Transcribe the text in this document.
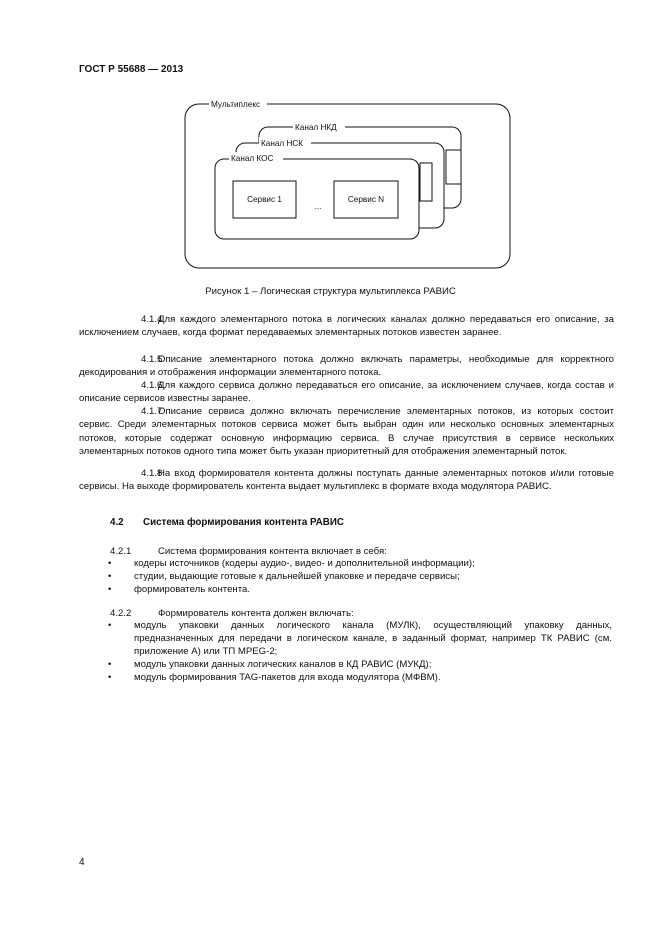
ГОСТ Р 55688 — 2013
Мультиплекс
Канал НКД
Канал НСК
Канал КОС
Сервис 1
...
Сервис N
Рисунок 1 – Логическая структура мультиплекса РАВИС
4.1.4Для каждого элементарного потока в логических каналах должно передаваться его описание, за исключением случаев, когда формат передаваемых элементарных потоков известен заранее.
4.1.5Описание элементарного потока должно включать параметры, необходимые для корректного декодирования и отображения информации элементарного потока.
4.1.6Для каждого сервиса должно передаваться его описание, за исключением случаев, когда состав и описание сервисов известны заранее.
4.1.7Описание сервиса должно включать перечисление элементарных потоков, из которых состоит сервис. Среди элементарных потоков сервиса может быть выбран один или несколько основных элементарных потоков, которые содержат основную информацию сервиса. В случае присутствия в сервисе нескольких элементарных потоков одного типа может быть указан приоритетный для отображения элементарный поток.
4.1.8На вход формирователя контента должны поступать данные элементарных потоков и/или готовые сервисы. На выходе формирователь контента выдает мультиплекс в формате входа модулятора РАВИС.
4.2 Система формирования контента РАВИС
4.2.1	Система формирования контента включает в себя:
• кодеры источников (кодеры аудио-, видео- и дополнительной информации);
• студии, выдающие готовые к дальнейшей упаковке и передаче сервисы;
• формирователь контента.
4.2.2	Формирователь контента должен включать:
• модуль упаковки данных логического канала (МУЛК), осуществляющий упаковку данных, предназначенных для передачи в логическом канале, в заданный формат, например ТК РАВИС (см. приложение А) или ТП MPEG-2;
• модуль упаковки данных логических каналов в КД РАВИС (МУКД);
• модуль формирования TAG-пакетов для входа модулятора (МФВМ).
4
